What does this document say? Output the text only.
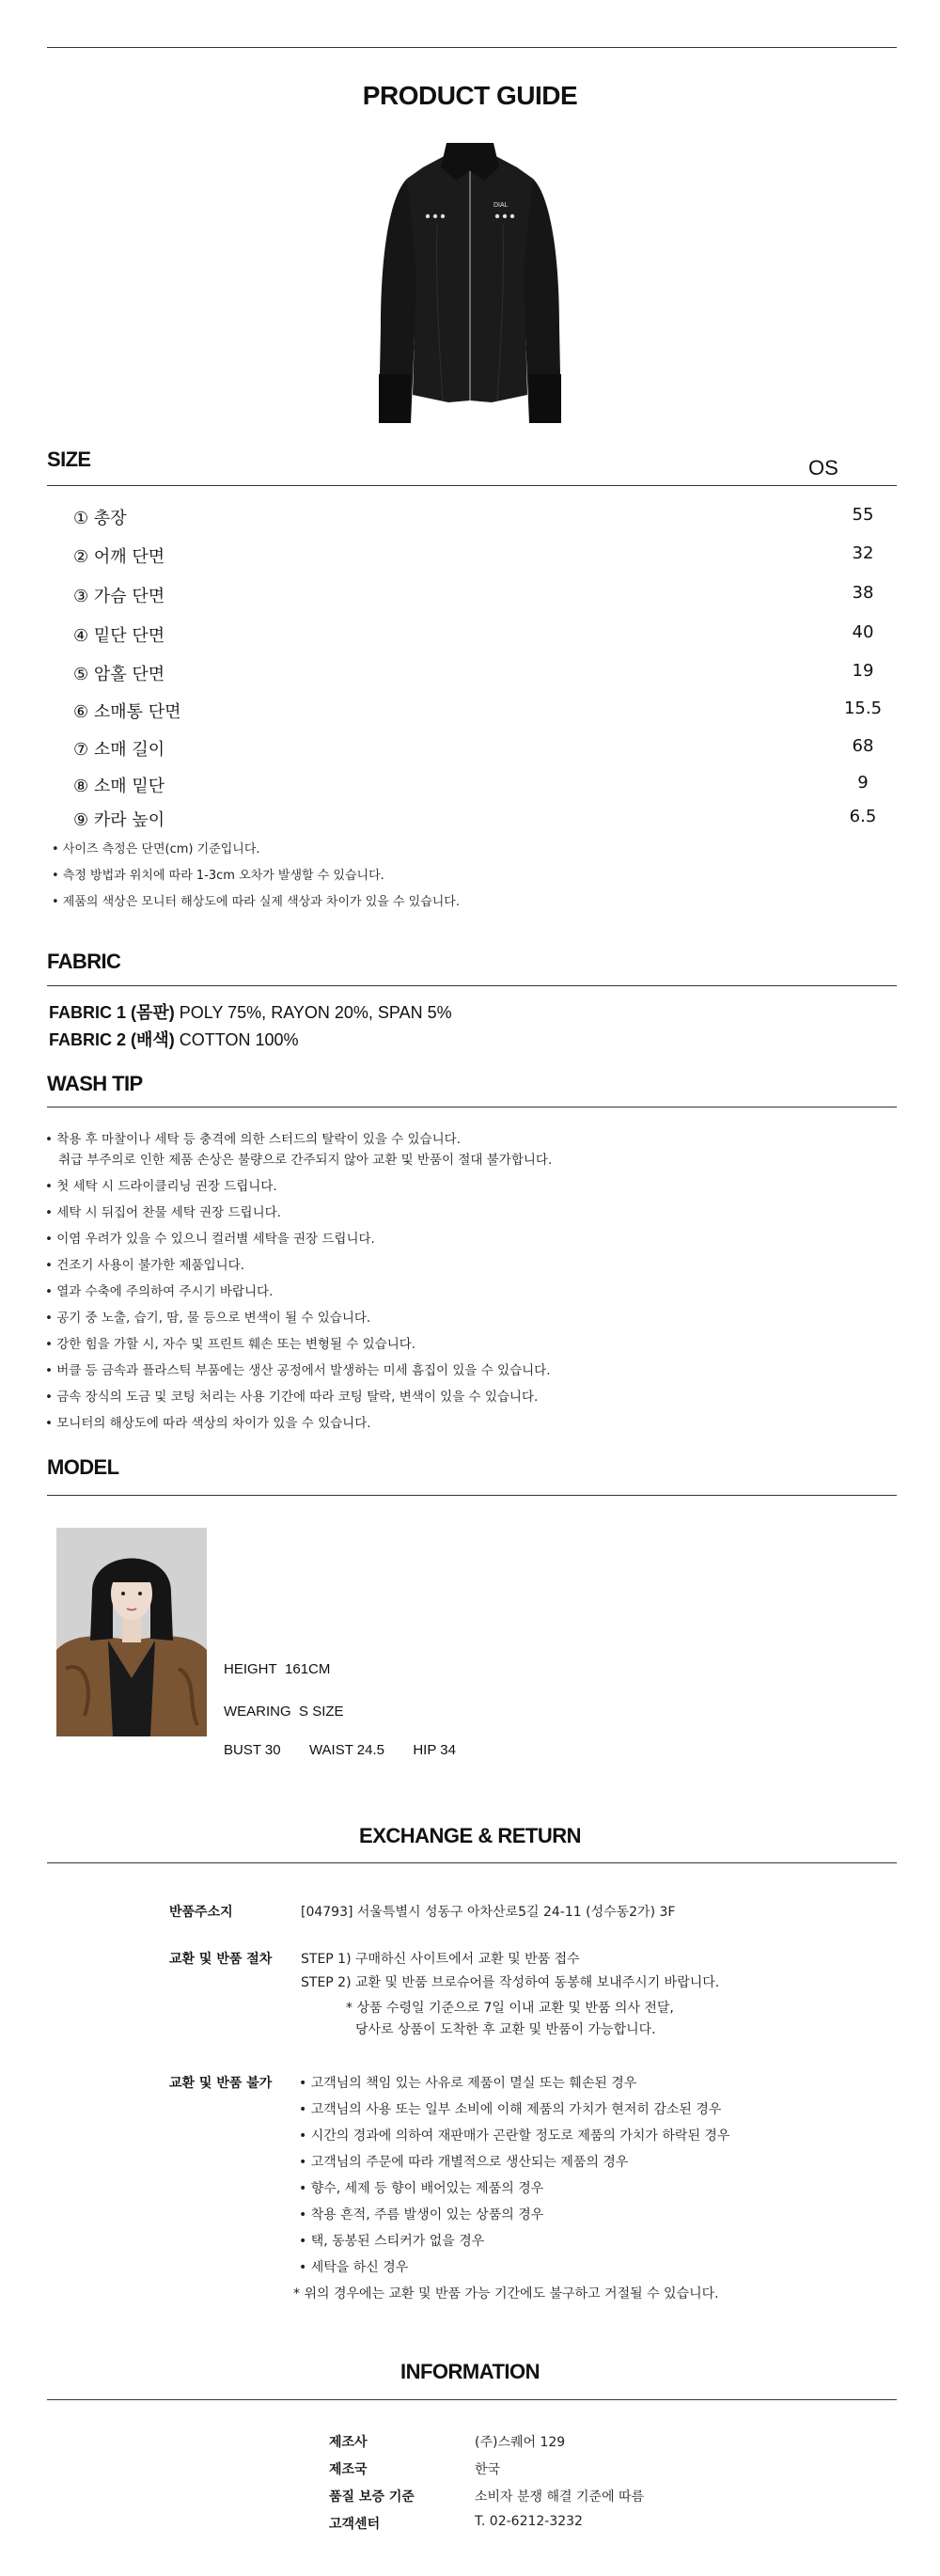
PRODUCT GUIDE
DIAL
SIZE	OS
① 총장	55
② 어깨 단면	32
③ 가슴 단면	38
④ 밑단 단면	40
⑤ 암홀 단면	19
⑥ 소매통 단면	15.5
⑦ 소매 길이	68
⑧ 소매 밑단	9
⑨ 카라 높이	6.5
• 사이즈 측정은 단면(cm) 기준입니다.
• 측정 방법과 위치에 따라 1-3cm 오차가 발생할 수 있습니다.
• 제품의 색상은 모니터 해상도에 따라 실제 색상과 차이가 있을 수 있습니다.
FABRIC
FABRIC 1 (몸판) POLY 75%, RAYON 20%, SPAN 5%
FABRIC 2 (배색) COTTON 100%
WASH TIP
• 착용 후 마찰이나 세탁 등 충격에 의한 스터드의 탈락이 있을 수 있습니다.
취급 부주의로 인한 제품 손상은 불량으로 간주되지 않아 교환 및 반품이 절대 불가합니다.
• 첫 세탁 시 드라이클리닝 권장 드립니다.
• 세탁 시 뒤집어 찬물 세탁 권장 드립니다.
• 이염 우려가 있을 수 있으니 컬러별 세탁을 권장 드립니다.
• 건조기 사용이 불가한 제품입니다.
• 열과 수축에 주의하여 주시기 바랍니다.
• 공기 중 노출, 습기, 땀, 물 등으로 변색이 될 수 있습니다.
• 강한 힘을 가할 시, 자수 및 프린트 훼손 또는 변형될 수 있습니다.
• 버클 등 금속과 플라스틱 부품에는 생산 공정에서 발생하는 미세 흠집이 있을 수 있습니다.
• 금속 장식의 도금 및 코팅 처리는 사용 기간에 따라 코팅 탈락, 변색이 있을 수 있습니다.
• 모니터의 해상도에 따라 색상의 차이가 있을 수 있습니다.
MODEL
HEIGHT 161CM
WEARING S SIZE
BUST 30 WAIST 24.5 HIP 34
EXCHANGE & RETURN
반품주소지	[04793] 서울특별시 성동구 아차산로5길 24-11 (성수동2가) 3F
교환 및 반품 절차 STEP 1) 구매하신 사이트에서 교환 및 반품 접수
STEP 2) 교환 및 반품 브로슈어를 작성하여 동봉해 보내주시기 바랍니다.
* 상품 수령일 기준으로 7일 이내 교환 및 반품 의사 전달,
당사로 상품이 도착한 후 교환 및 반품이 가능합니다.
교환 및 반품 불가 • 고객님의 책임 있는 사유로 제품이 멸실 또는 훼손된 경우
• 고객님의 사용 또는 일부 소비에 이해 제품의 가치가 현저히 감소된 경우
• 시간의 경과에 의하여 재판매가 곤란할 정도로 제품의 가치가 하락된 경우
• 고객님의 주문에 따라 개별적으로 생산되는 제품의 경우
• 향수, 세제 등 향이 배어있는 제품의 경우
• 착용 흔적, 주름 발생이 있는 상품의 경우
• 택, 동봉된 스티커가 없을 경우
• 세탁을 하신 경우
* 위의 경우에는 교환 및 반품 가능 기간에도 불구하고 거절될 수 있습니다.
INFORMATION
제조사	(주)스퀘어 129
제조국	한국
품질 보증 기준	소비자 분쟁 해결 기준에 따름
고객센터	T. 02-6212-3232
